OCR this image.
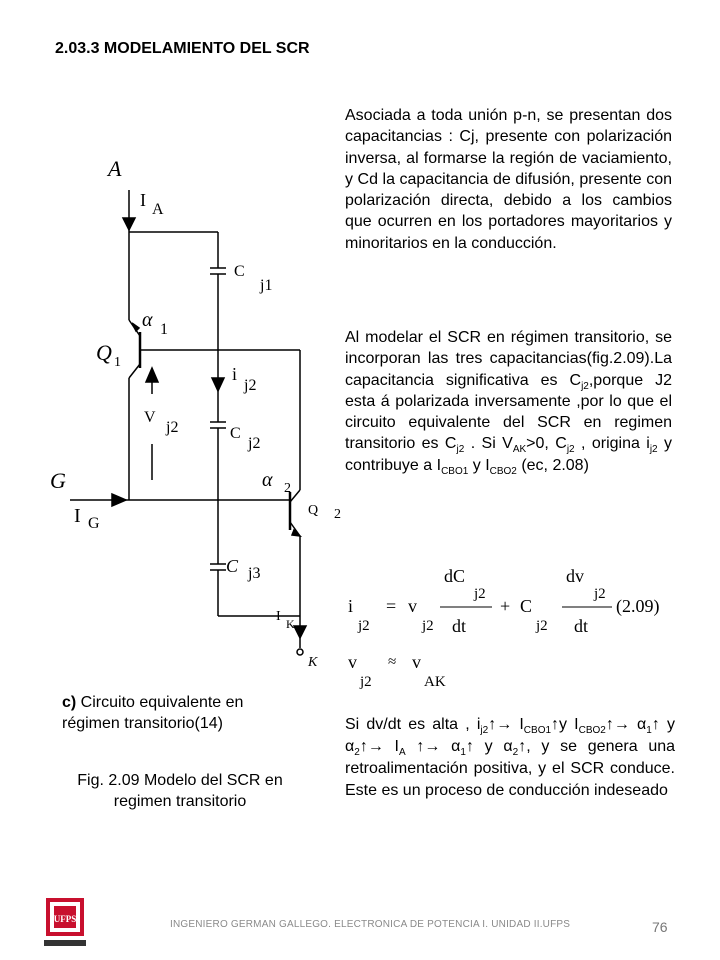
2.03.3 MODELAMIENTO DEL SCR
Asociada a toda unión p-n, se presentan dos capacitancias : Cj, presente con polarización inversa, al formarse la región de vaciamiento, y Cd la capacitancia de difusión, presente con polarización directa, debido a los cambios que ocurren en los portadores mayoritarios y minoritarios en la conducción.
Al modelar el SCR en régimen transitorio, se incorporan las tres capacitancias(fig.2.09).La capacitancia significativa es $C_{j2},porque$ J2 esta á polarizada inversamente ,por lo que el circuito equivalente del SCR en regimen transitorio es $C_{j2}$ . Si $V_{AK}>0$, $C_{j2}$ , origina $i_{j2}$ y contribuye a $I_{CBO1}$ y $I_{CBO2}$ (ec, 2.08)
i
j2
= v
j2
dC
j2
dt
+ C
j2
dv
j2
dt
(2.09)
v
j2
≈ v
AK
Si dv/dt es alta , $i_{j2}↑\to$ $I_{CBO1}↑y$ $I_{CBO2}↑\to$ $\alpha_1↑$ y $\alpha_2↑\to I_A$ ↑→ $\alpha_1↑$ y $\alpha_2↑$, y se genera una retroalimentación positiva, y el SCR conduce. Este es un proceso de conducción indeseado
A
I A
C
j1
α 1
Q 1
i
j2
V
j2	C
j2
G
I G
α 2
Q 2
C j3
I K
K
c) Circuito equivalente en régimen transitorio(14)
Fig. 2.09 Modelo del SCR en regimen transitorio
UFPS	INGENIERO GERMAN GALLEGO. ELECTRONICA DE POTENCIA I. UNIDAD II.UFPS	76
